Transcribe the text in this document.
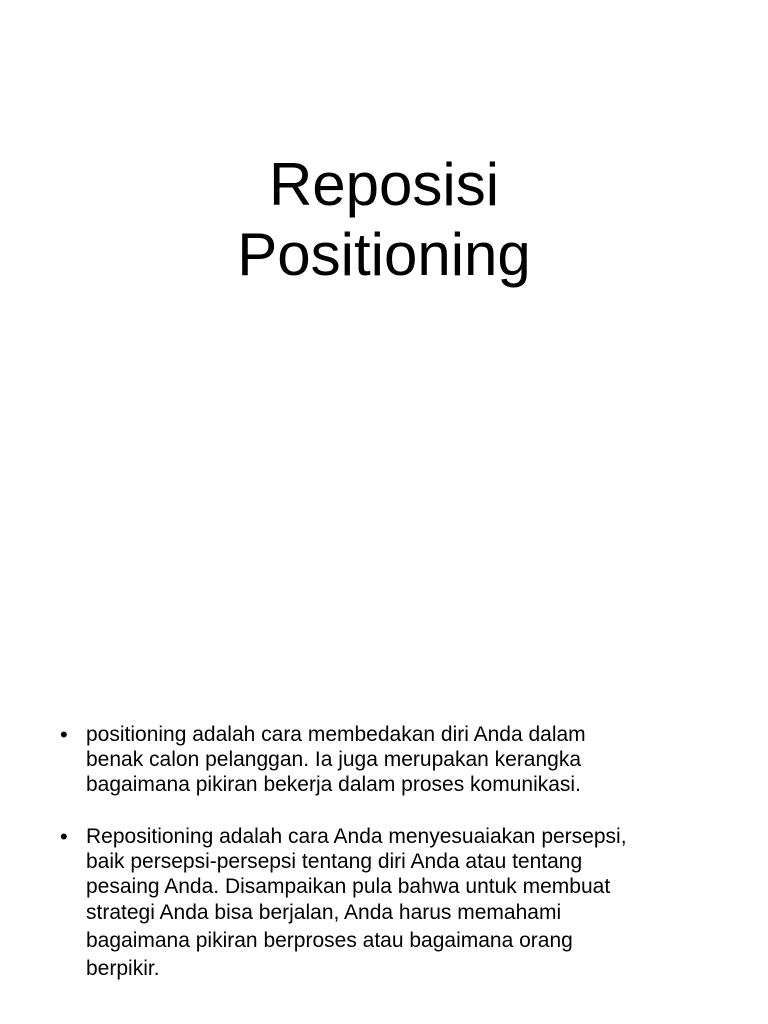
Reposisi
Positioning
• positioning adalah cara membedakan diri Anda dalam
benak calon pelanggan. Ia juga merupakan kerangka
bagaimana pikiran bekerja dalam proses komunikasi.
• Repositioning adalah cara Anda menyesuaiakan persepsi,
baik persepsi-persepsi tentang diri Anda atau tentang
pesaing Anda. Disampaikan pula bahwa untuk membuat
strategi Anda bisa berjalan, Anda harus memahami
bagaimana pikiran berproses atau bagaimana orang
berpikir.
